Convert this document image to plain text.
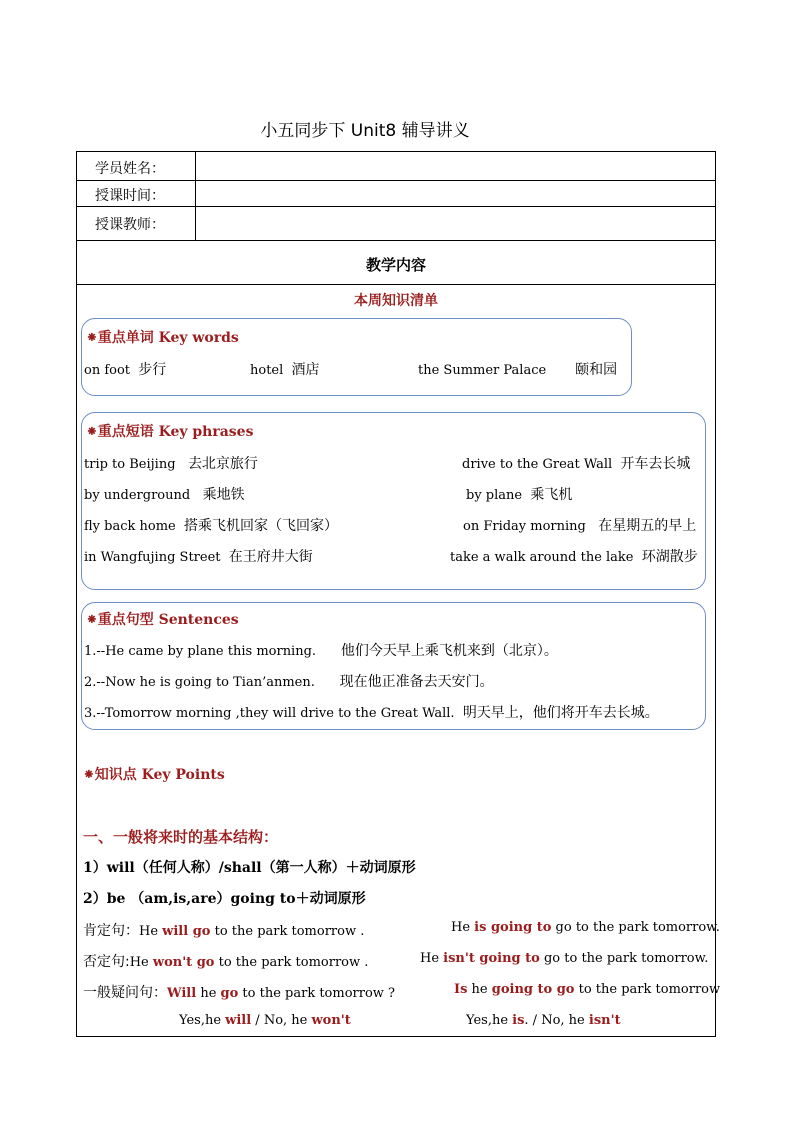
小五同步下 Unit8 辅导讲义
学员姓名：
授课时间：
授课教师：
教学内容
本周知识清单
⁕重点单词 Key words
on foot 步行	hotel 酒店	the Summer Palace 颐和园
⁕重点短语 Key phrases
trip to Beijing 去北京旅行	drive to the Great Wall 开车去长城
by underground 乘地铁	by plane 乘飞机
fly back home 搭乘飞机回家（飞回家）	on Friday morning 在星期五的早上
in Wangfujing Street 在王府井大街	take a walk around the lake 环湖散步
⁕重点句型 Sentences
1.--He came by plane this morning. 他们今天早上乘飞机来到（北京）。
2.--Now he is going to Tian’anmen. 现在他正准备去天安门。
3.--Tomorrow morning ,they will drive to the Great Wall. 明天早上，他们将开车去长城。
⁕知识点 Key Points
一、一般将来时的基本结构：
1）will（任何人称）/shall（第一人称）＋动词原形
2）be （am,is,are）going to＋动词原形
肯定句：He will go to the park tomorrow .	He is going to go to the park tomorrow.
否定句:He won't go to the park tomorrow .	He isn't going to go to the park tomorrow.
一般疑问句：Will he go to the park tomorrow ?	Is he going to go to the park tomorrow
Yes,he will / No, he won't	Yes,he is. / No, he isn't
